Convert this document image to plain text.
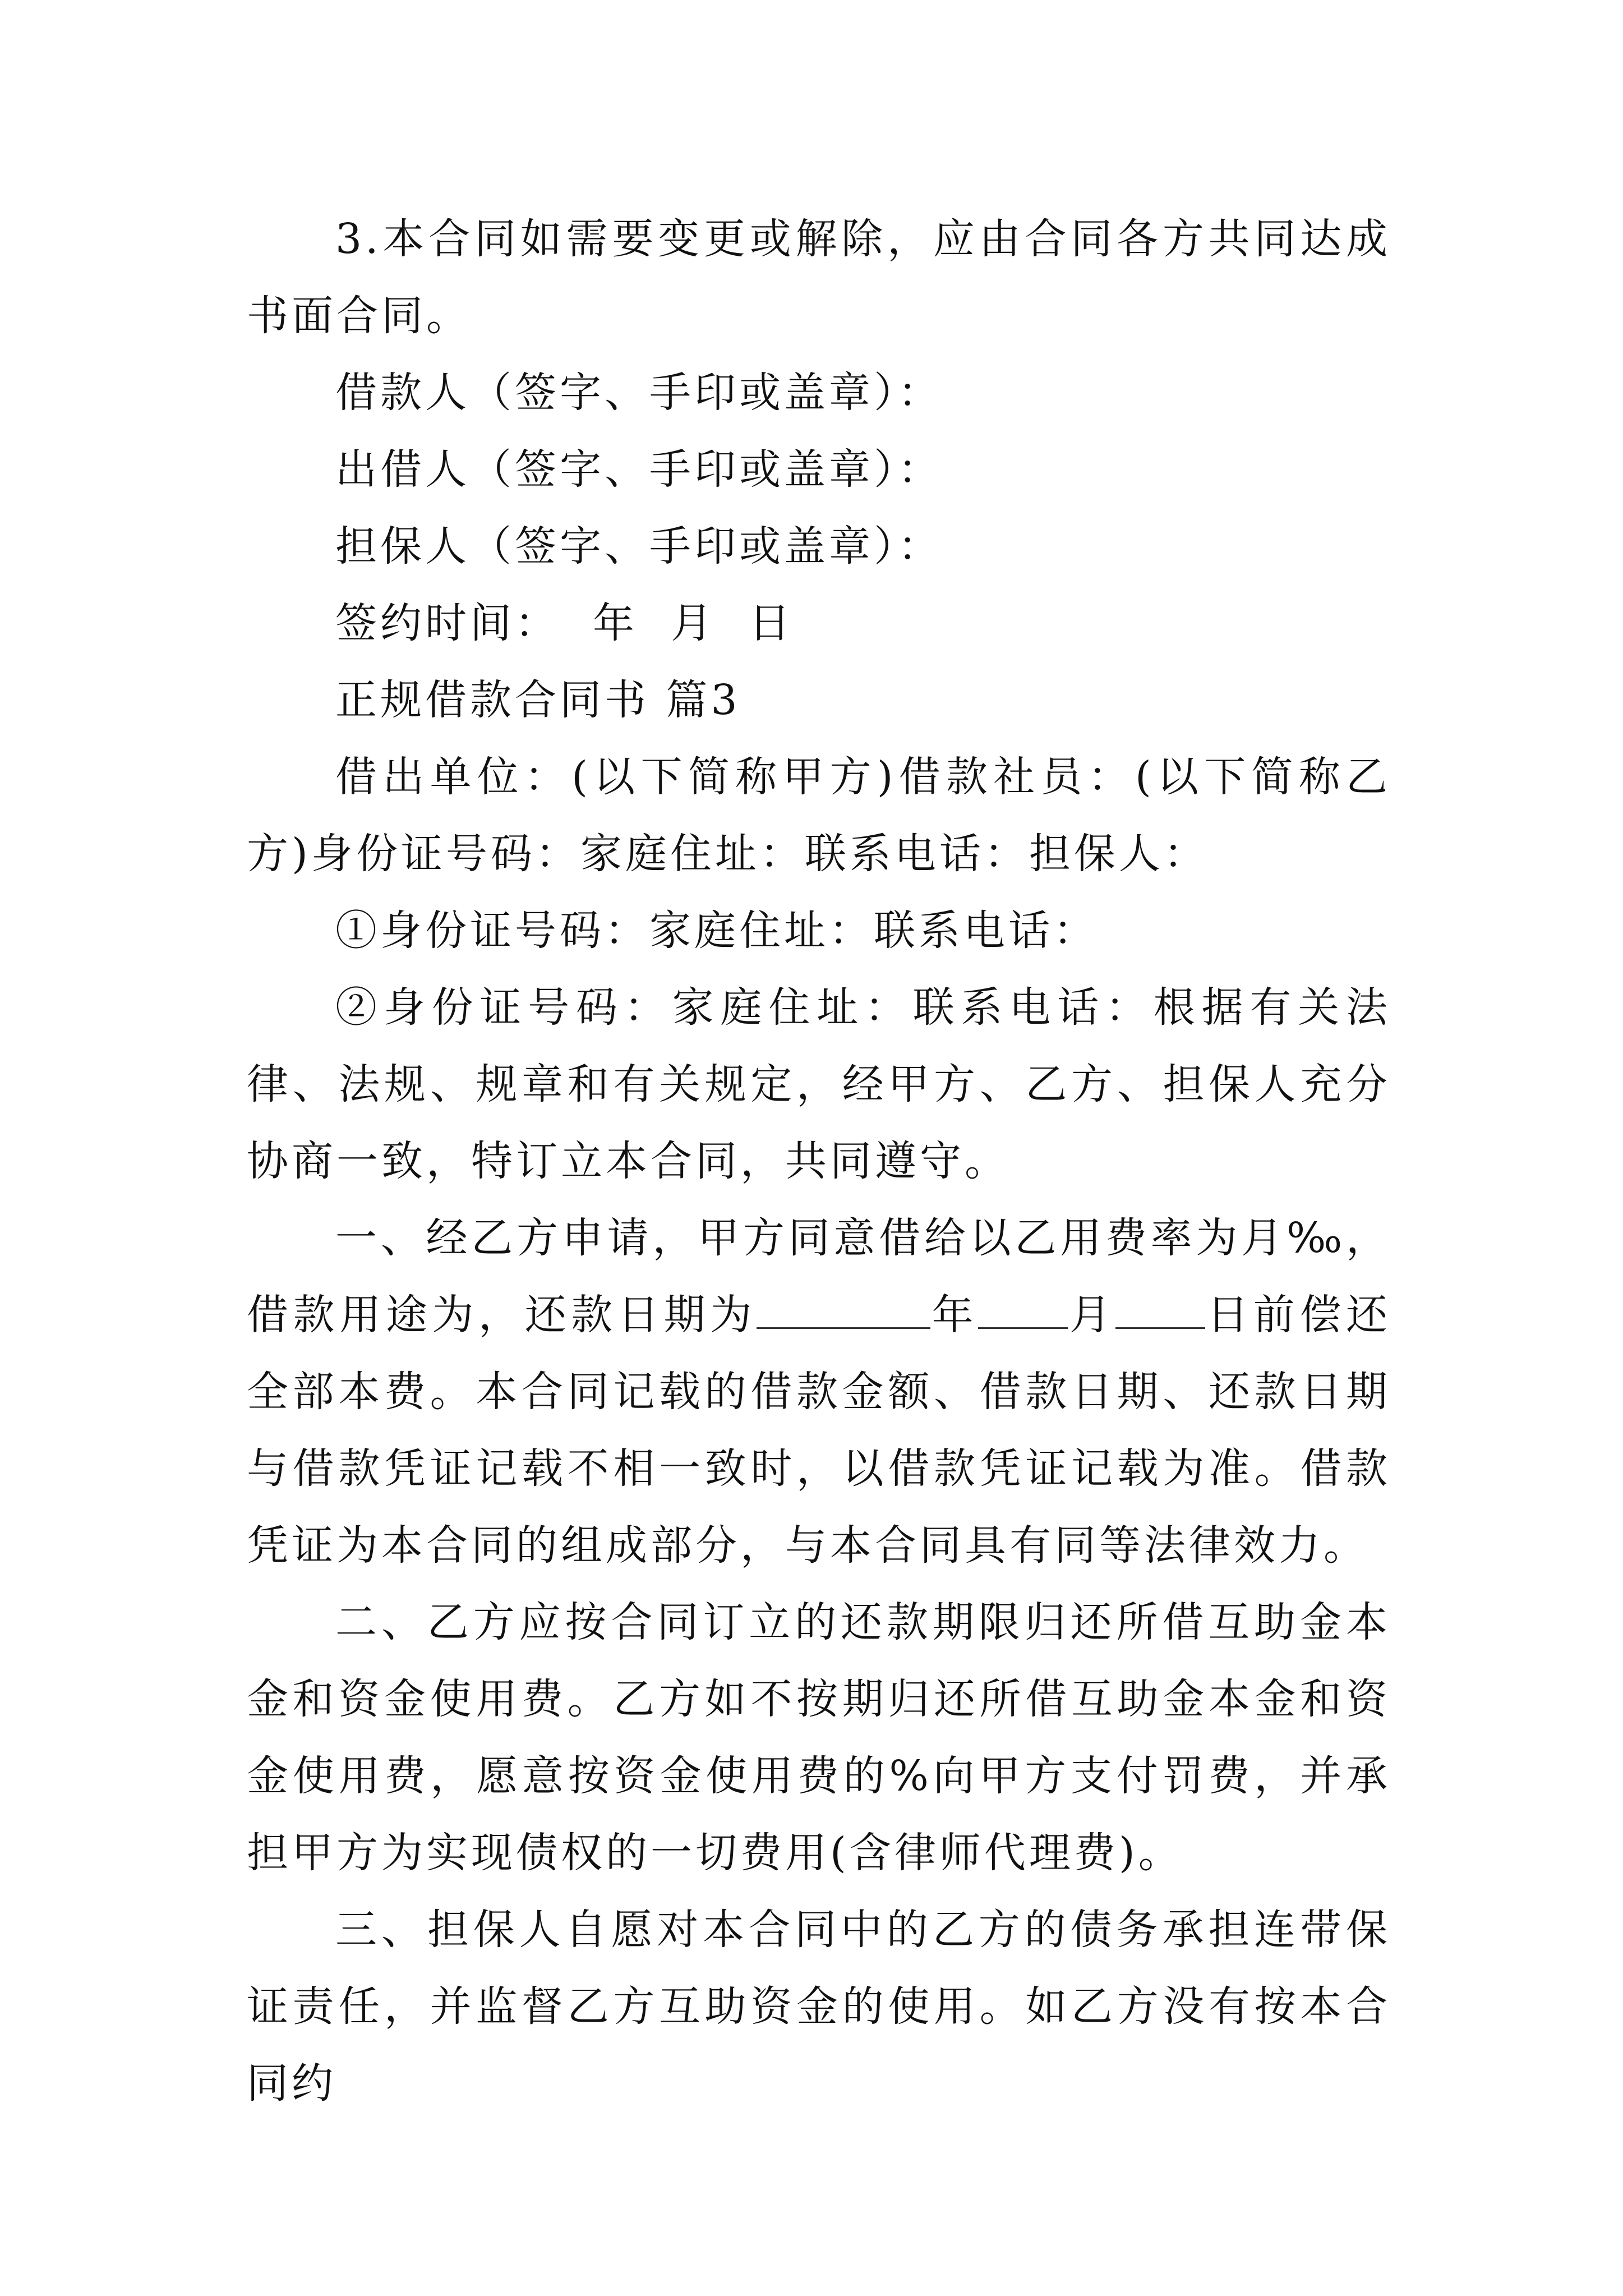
3.本合同如需要变更或解除，应由合同各方共同达成书面合同。

借款人（签字、手印或盖章）：

出借人（签字、手印或盖章）：

担保人（签字、手印或盖章）：

签约时间：  年  月  日

正规借款合同书 篇3

借出单位：(以下简称甲方)借款社员：(以下简称乙方)身份证号码：家庭住址：联系电话：担保人：

①身份证号码：家庭住址：联系电话：

②身份证号码：家庭住址：联系电话：根据有关法律、法规、规章和有关规定，经甲方、乙方、担保人充分协商一致，特订立本合同，共同遵守。

一、经乙方申请，甲方同意借给以乙用费率为月‰，借款用途为，还款日期为	年 月 日前偿还全部本费。本合同记载的借款金额、借款日期、还款日期与借款凭证记载不相一致时，以借款凭证记载为准。借款凭证为本合同的组成部分，与本合同具有同等法律效力。

二、乙方应按合同订立的还款期限归还所借互助金本金和资金使用费。乙方如不按期归还所借互助金本金和资金使用费，愿意按资金使用费的%向甲方支付罚费，并承担甲方为实现债权的一切费用(含律师代理费)。

三、担保人自愿对本合同中的乙方的债务承担连带保证责任，并监督乙方互助资金的使用。如乙方没有按本合同约
